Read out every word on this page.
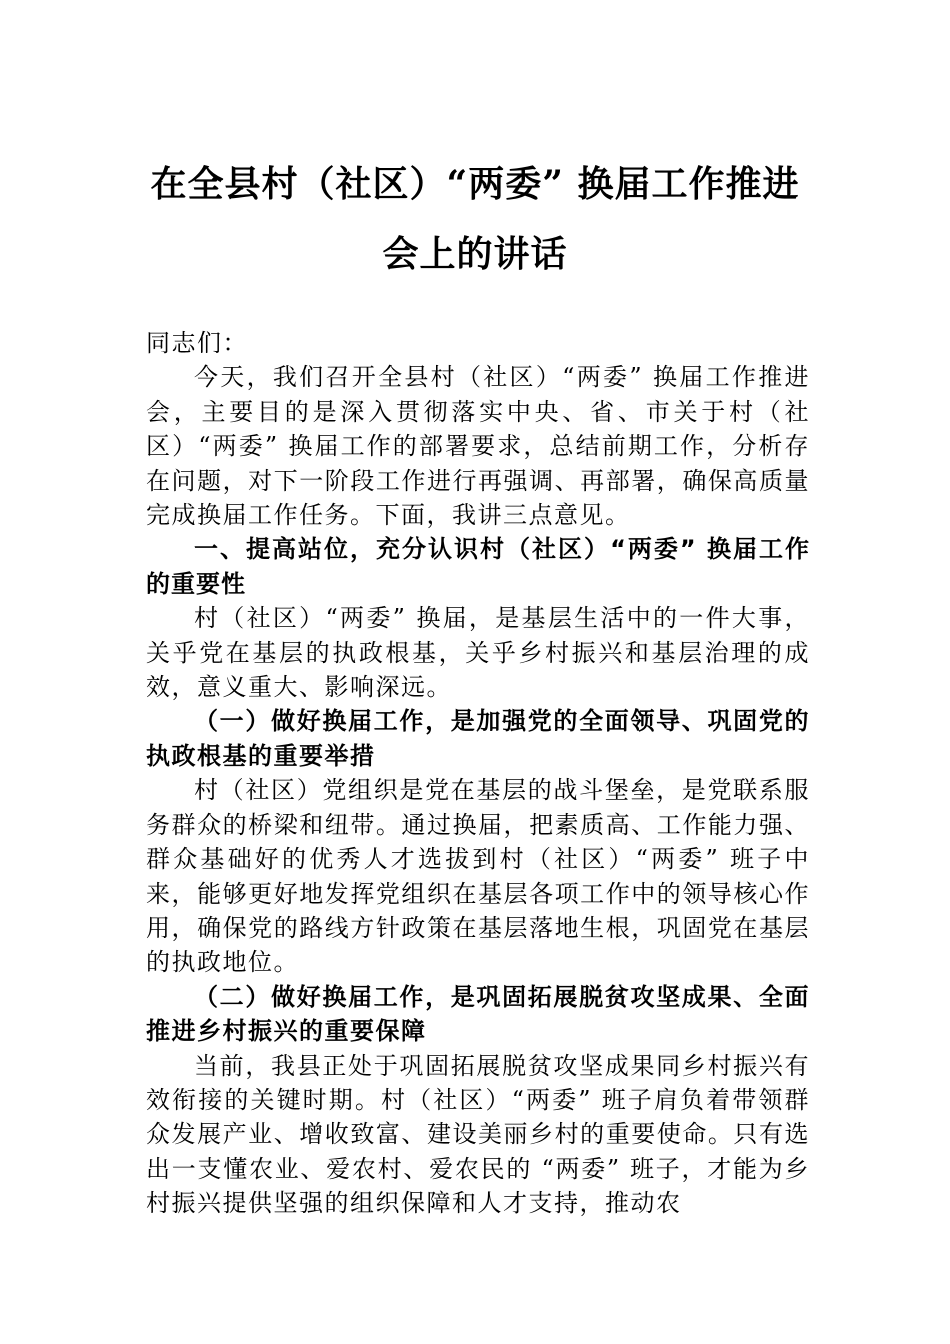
在全县村（社区）“两委” 换届工作推进
会上的讲话

同志们：

今天，我们召开全县村（社区）“两委” 换届工作推进会，主要目的是深入贯彻落实中央、省、市关于村（社区）“两委” 换届工作的部署要求，总结前期工作，分析存在问题，对下一阶段工作进行再强调、再部署，确保高质量完成换届工作任务。下面，我讲三点意见。

一、提高站位，充分认识村（社区）“两委” 换届工作的重要性

村（社区）“两委” 换届，是基层生活中的一件大事，关乎党在基层的执政根基，关乎乡村振兴和基层治理的成效，意义重大、影响深远。

（一）做好换届工作，是加强党的全面领导、巩固党的执政根基的重要举措

村（社区）党组织是党在基层的战斗堡垒，是党联系服务群众的桥梁和纽带。通过换届，把素质高、工作能力强、群众基础好的优秀人才选拔到村（社区）“两委” 班子中来，能够更好地发挥党组织在基层各项工作中的领导核心作用，确保党的路线方针政策在基层落地生根，巩固党在基层的执政地位。

（二）做好换届工作，是巩固拓展脱贫攻坚成果、全面推进乡村振兴的重要保障

当前，我县正处于巩固拓展脱贫攻坚成果同乡村振兴有效衔接的关键时期。村（社区）“两委” 班子肩负着带领群众发展产业、增收致富、建设美丽乡村的重要使命。只有选出一支懂农业、爱农村、爱农民的 “两委” 班子，才能为乡村振兴提供坚强的组织保障和人才支持，推动农
